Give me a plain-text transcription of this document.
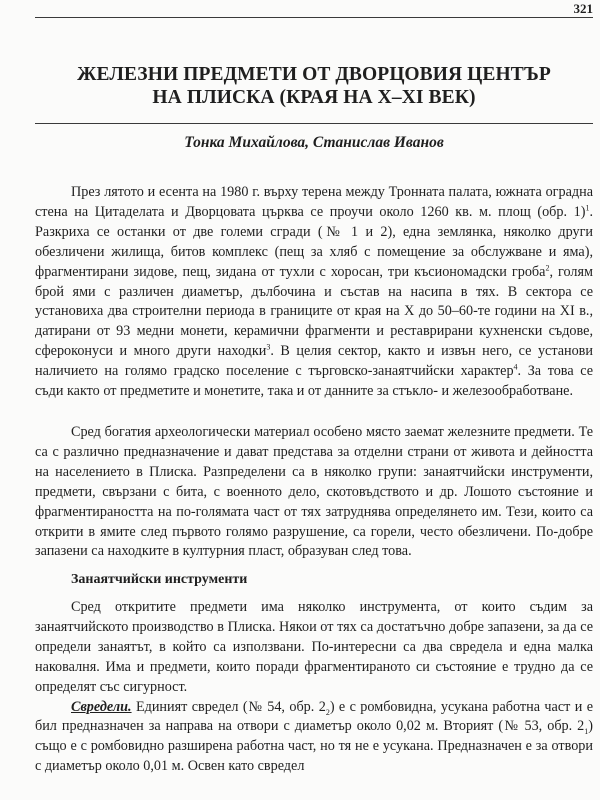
321
ЖЕЛЕЗНИ ПРЕДМЕТИ ОТ ДВОРЦОВИЯ ЦЕНТЪР
НА ПЛИСКА (КРАЯ НА X–XI ВЕК)
Тонка Михайлова, Станислав Иванов

През лятото и есента на 1980 г. върху терена между Тронната палата, южната оградна стена на Цитаделата и Дворцовата църква се проучи около 1260 кв. м. площ (обр. 1)$^1$. Разкриха се останки от две големи сгради (№ 1 и 2), една землянка, няколко други обезличени жилища, битов комплекс (пещ за хляб с помещение за обслужване и яма), фрагментирани зидове, пещ, зидана от тухли с хоросан, три късиономадски гроба$^2$, голям брой ями с различен диаметър, дълбочина и състав на насипа в тях. В сектора се установиха два строителни периода в границите от края на X до 50–60-те години на XI в., датирани от 93 медни монети, керамични фрагменти и реставрирани кухненски съдове, сфероконуси и много други находки$^3$. В целия сектор, както и извън него, се установи наличието на голямо градско поселение с търговско-занаятчийски характер$^4$. За това се съди както от предметите и монетите, така и от данните за стъкло- и железообработване.

Сред богатия археологически материал особено място заемат железните предмети. Те са с различно предназначение и дават представа за отделни страни от живота и дейността на населението в Плиска. Разпределени са в няколко групи: занаятчийски инструменти, предмети, свързани с бита, с военното дело, скотовъдството и др. Лошото състояние и фрагментираността на по-голямата част от тях затруднява определянето им. Тези, които са открити в ямите след първото голямо разрушение, са горели, често обезличени. По-добре запазени са находките в културния пласт, образуван след това.

Занаятчийски инструменти

Сред откритите предмети има няколко инструмента, от които съдим за занаятчийското производство в Плиска. Някои от тях са достатъчно добре запазени, за да се определи занаятът, в който са използвани. По-интересни са два свредела и една малка наковалня. Има и предмети, които поради фрагментираното си състояние е трудно да се определят със сигурност.

Свредели. Единият свредел (№ 54, обр. $2_2$) е с ромбовидна, усукана работна част и е бил предназначен за направа на отвори с диаметър около 0,02 м. Вторият (№ 53, обр. $2_1$) също е с ромбовидно разширена работна част, но тя не е усукана. Предназначен е за отвори с диаметър около 0,01 м. Освен като свредел
